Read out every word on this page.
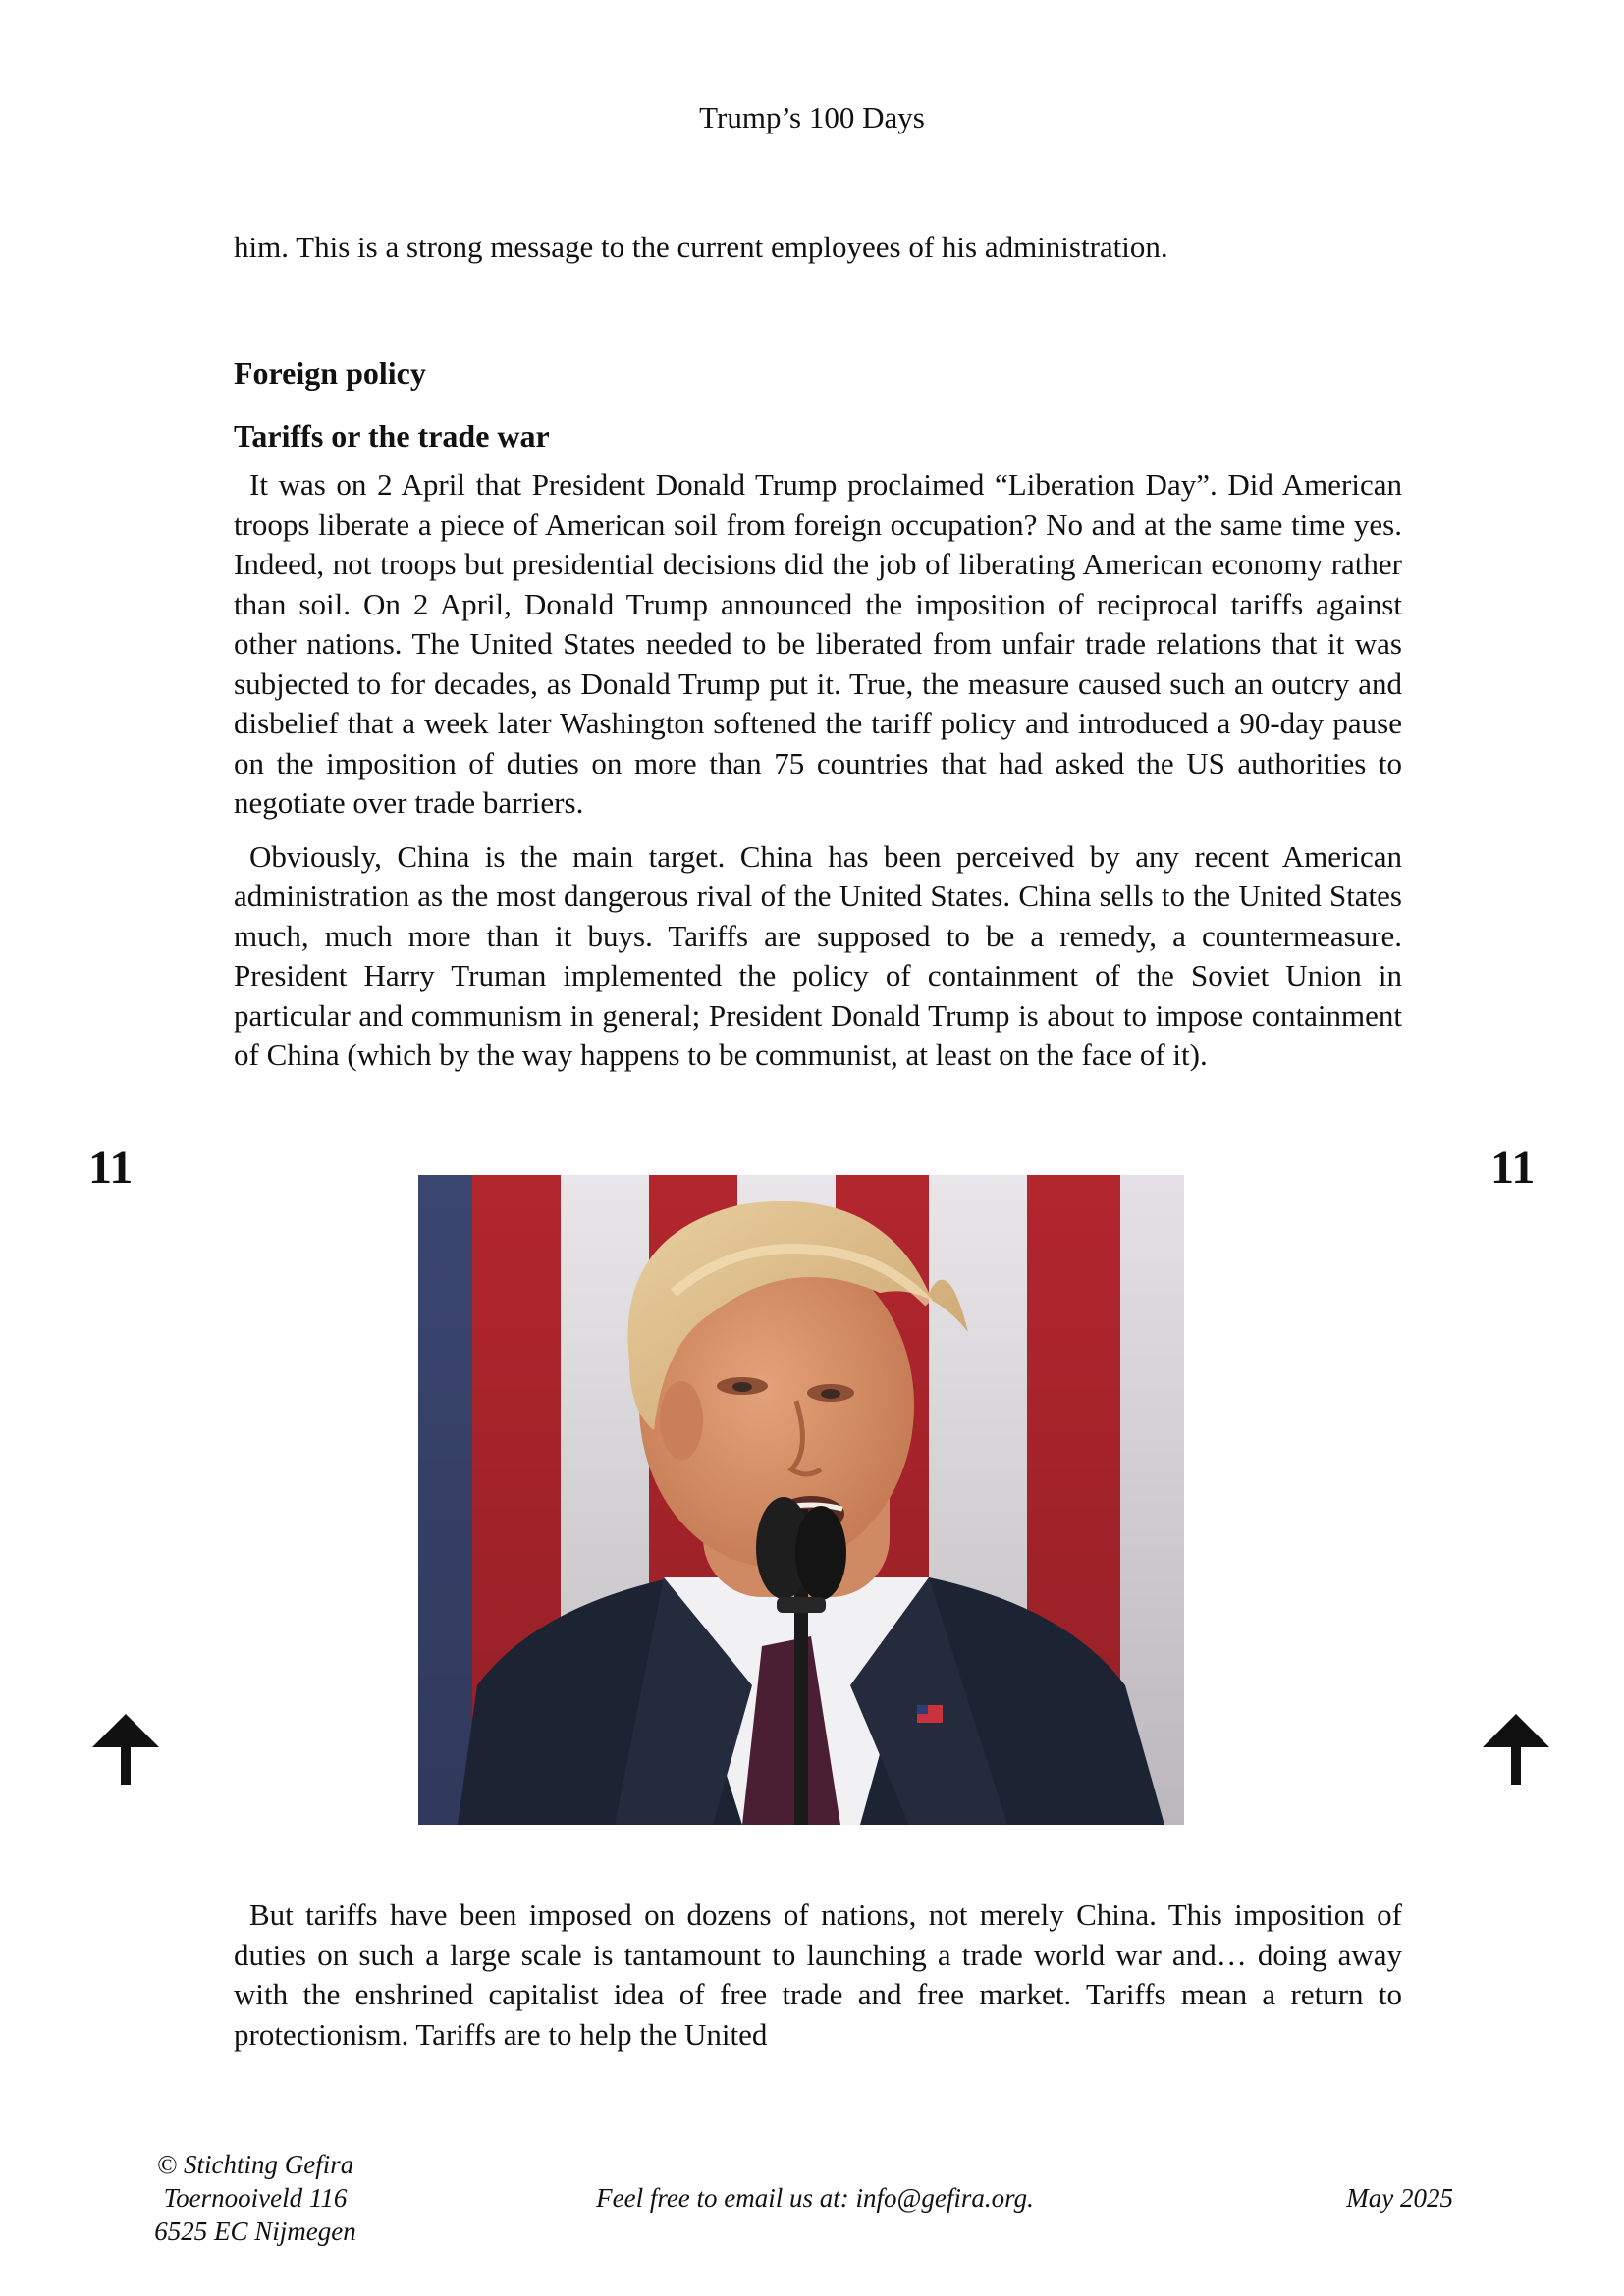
Trump’s 100 Days
him. This is a strong message to the current employees of his administration.
Foreign policy
Tariffs or the trade war

It was on 2 April that President Donald Trump proclaimed “Liberation Day”. Did American troops liberate a piece of American soil from foreign occupation? No and at the same time yes. Indeed, not troops but presidential decisions did the job of liberating American economy rather than soil. On 2 April, Donald Trump announced the imposition of reciprocal tariffs against other nations. The United States needed to be liberated from unfair trade relations that it was subjected to for decades, as Donald Trump put it. True, the measure caused such an outcry and disbelief that a week later Washington softened the tariff policy and introduced a 90-day pause on the imposition of duties on more than 75 countries that had asked the US authorities to negotiate over trade barriers.

Obviously, China is the main target. China has been perceived by any recent American administration as the most dangerous rival of the United States. China sells to the United States much, much more than it buys. Tariffs are supposed to be a remedy, a countermeasure. President Harry Truman implemented the policy of containment of the Soviet Union in particular and communism in general; President Donald Trump is about to impose containment of China (which by the way happens to be communist, at least on the face of it).

11	11

But tariffs have been imposed on dozens of nations, not merely China. This imposition of duties on such a large scale is tantamount to launching a trade world war and… doing away with the enshrined capitalist idea of free trade and free market. Tariffs mean a return to protectionism. Tariffs are to help the United

© Stichting Gefira
Toernooiveld 116
6525 EC Nijmegen
Feel free to email us at: info@gefira.org.	May 2025
